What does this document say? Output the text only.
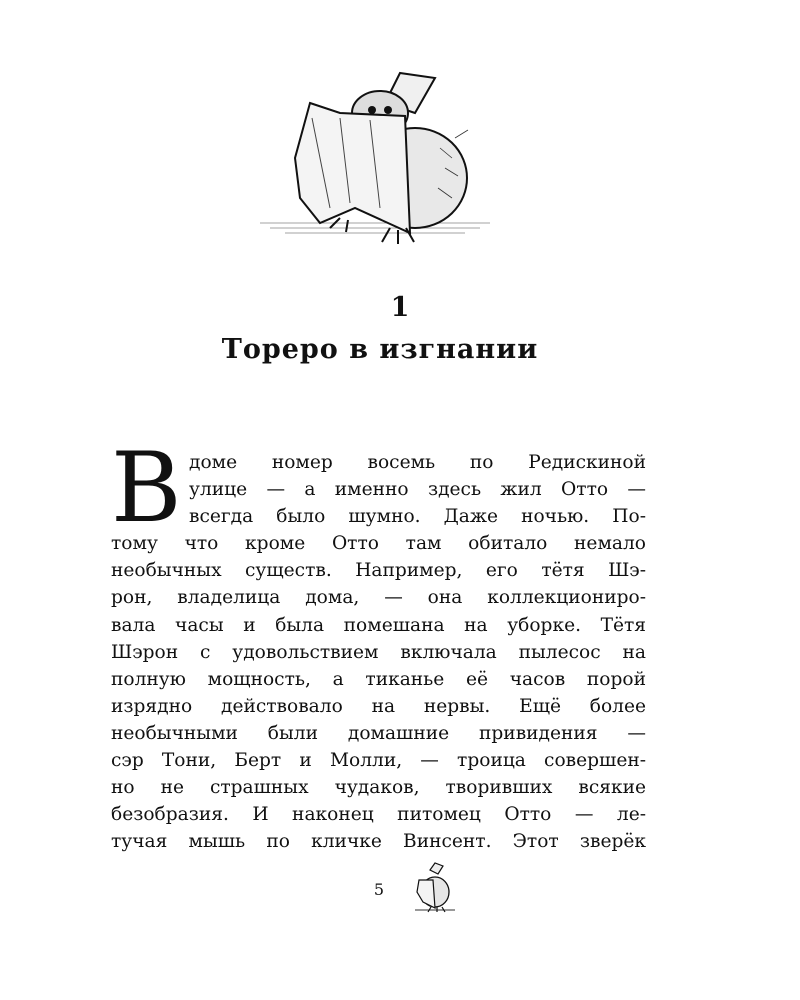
1
Тореро в изгнании
В доме номер восемь по Редискиной
улице — а именно здесь жил Отто —
всегда было шумно. Даже ночью. По-
тому что кроме Отто там обитало немало
необычных существ. Например, его тётя Шэ-
рон, владелица дома, — она коллекциониро-
вала часы и была помешана на уборке. Тётя
Шэрон с удовольствием включала пылесос на
полную мощность, а тиканье её часов порой
изрядно действовало на нервы. Ещё более
необычными были домашние привидения —
сэр Тони, Берт и Молли, — троица совершен-
но не страшных чудаков, творивших всякие
безобразия. И наконец питомец Отто — ле-
тучая мышь по кличке Винсент. Этот зверёк
5
